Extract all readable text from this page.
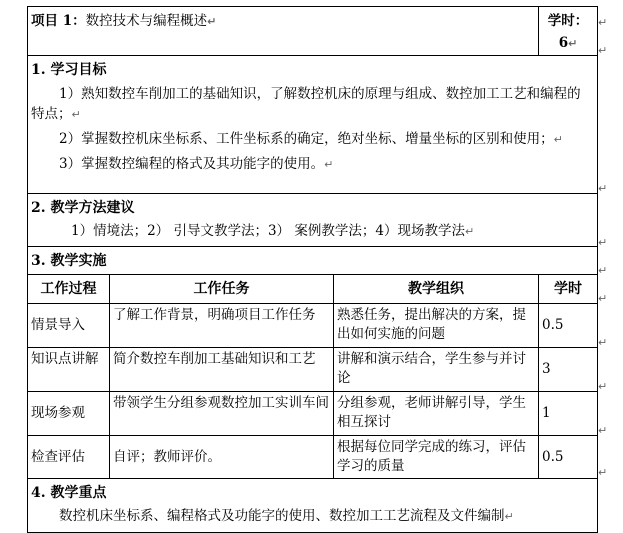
项目 1：数控技术与编程概述↵			学时：6↵

1. 学习目标

1）熟知数控车削加工的基础知识，了解数控机床的原理与组成、数控加工工艺和编程的特点；↵

2）掌握数控机床坐标系、工件坐标系的确定，绝对坐标、增量坐标的区别和使用；↵

3）掌握数控编程的格式及其功能字的使用。↵			

2. 教学方法建议

1）情境法；2） 引导文教学法；3） 案例教学法；4）现场教学法↵			

3. 教学实施			

工作过程	工作任务	教学组织	学时
情景导入	了解工作背景，明确项目工作任务	熟悉任务，提出解决的方案，提出如何实施的问题	0.5
知识点讲解	简介数控车削加工基础知识和工艺	讲解和演示结合，学生参与并讨论	3
现场参观	带领学生分组参观数控加工实训车间	分组参观，老师讲解引导，学生相互探讨	1
检查评估	自评；教师评价。	根据每位同学完成的练习，评估学习的质量	0.5

4. 教学重点

数控机床坐标系、编程格式及功能字的使用、数控加工工艺流程及文件编制↵			

↵
↵
↵
↵
↵
↵
↵
↵
↵
↵
